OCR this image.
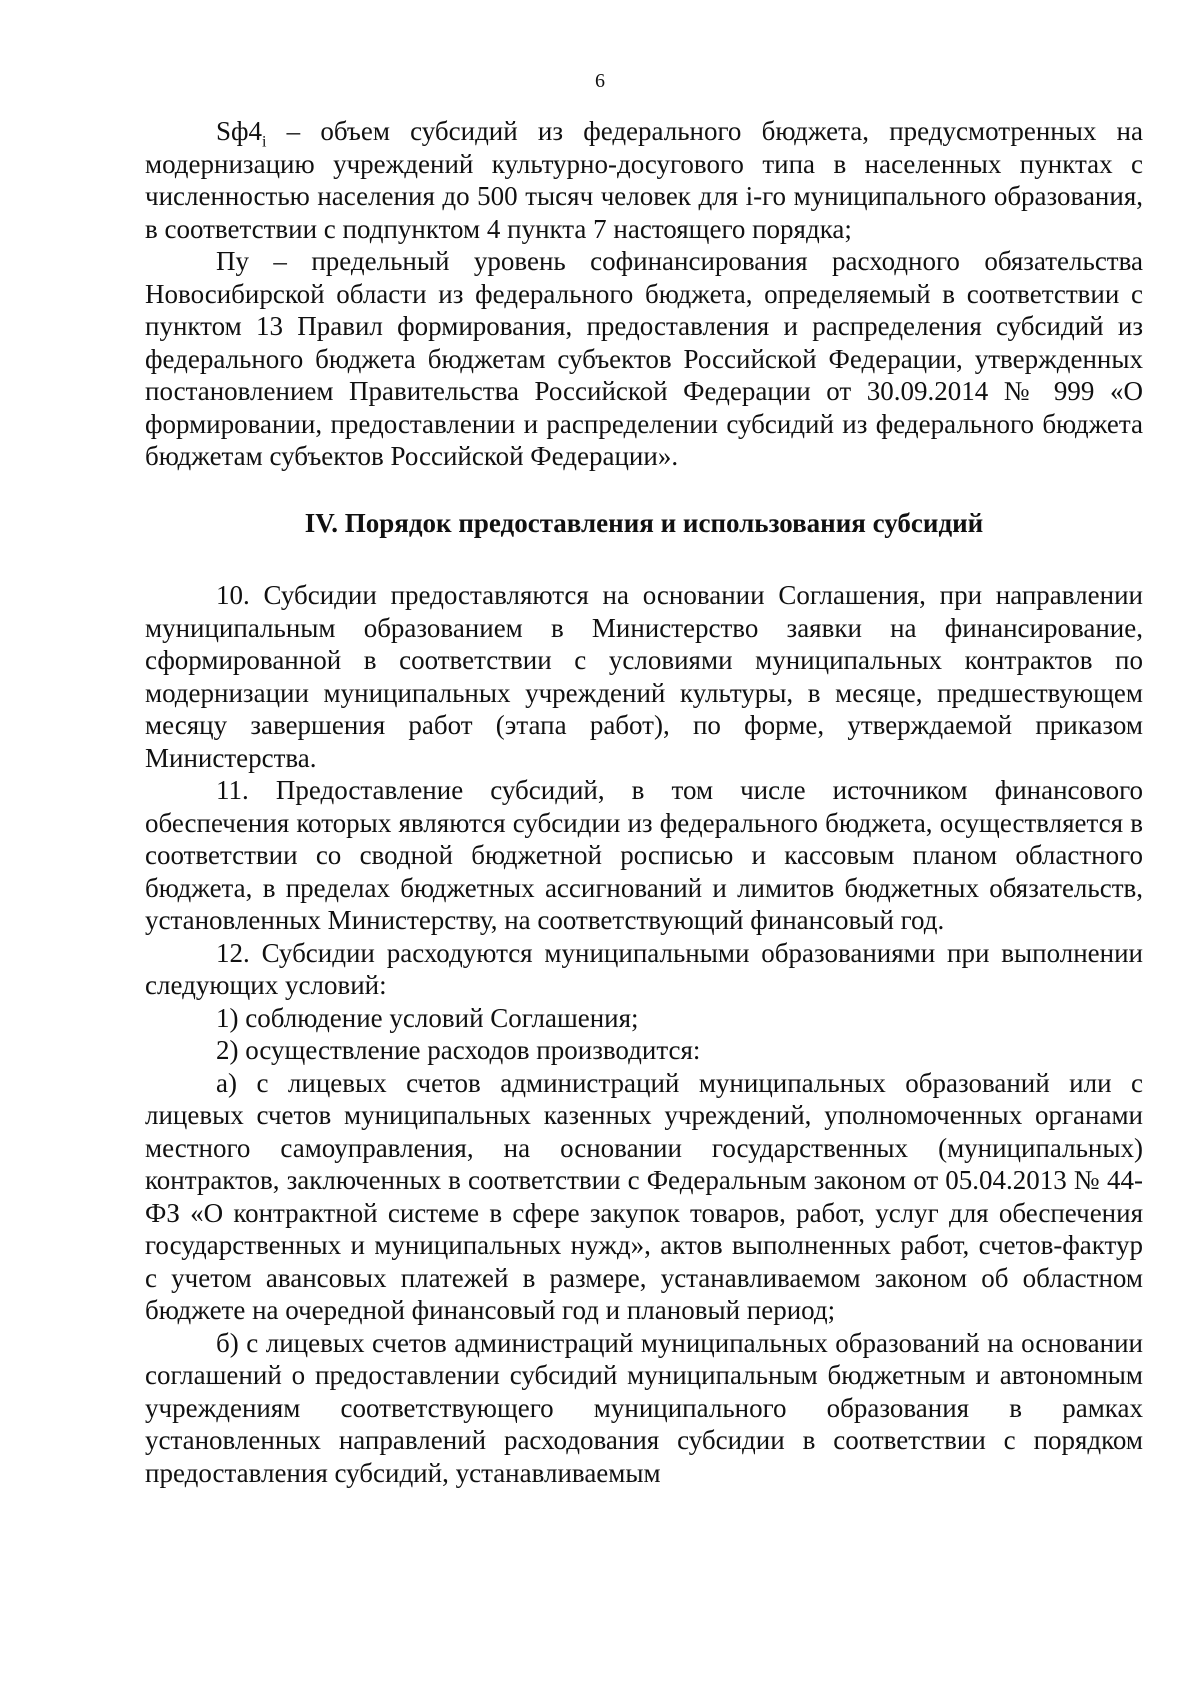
6

$Sф4_i$ – объем субсидий из федерального бюджета, предусмотренных на модернизацию учреждений культурно-досугового типа в населенных пунктах с численностью населения до 500 тысяч человек для i-го муниципального образования, в соответствии с подпунктом 4 пункта 7 настоящего порядка;

Пу – предельный уровень софинансирования расходного обязательства Новосибирской области из федерального бюджета, определяемый в соответствии с пунктом 13 Правил формирования, предоставления и распределения субсидий из федерального бюджета бюджетам субъектов Российской Федерации, утвержденных постановлением Правительства Российской Федерации от 30.09.2014 № 999 «О формировании, предоставлении и распределении субсидий из федерального бюджета бюджетам субъектов Российской Федерации».

IV. Порядок предоставления и использования субсидий

10. Субсидии предоставляются на основании Соглашения, при направлении муниципальным образованием в Министерство заявки на финансирование, сформированной в соответствии с условиями муниципальных контрактов по модернизации муниципальных учреждений культуры, в месяце, предшествующем месяцу завершения работ (этапа работ), по форме, утверждаемой приказом Министерства.

11. Предоставление субсидий, в том числе источником финансового обеспечения которых являются субсидии из федерального бюджета, осуществляется в соответствии со сводной бюджетной росписью и кассовым планом областного бюджета, в пределах бюджетных ассигнований и лимитов бюджетных обязательств, установленных Министерству, на соответствующий финансовый год.

12. Субсидии расходуются муниципальными образованиями при выполнении следующих условий:

1) соблюдение условий Соглашения;

2) осуществление расходов производится:

а) с лицевых счетов администраций муниципальных образований или с лицевых счетов муниципальных казенных учреждений, уполномоченных органами местного самоуправления, на основании государственных (муниципальных) контрактов, заключенных в соответствии с Федеральным законом от 05.04.2013 № 44-ФЗ «О контрактной системе в сфере закупок товаров, работ, услуг для обеспечения государственных и муниципальных нужд», актов выполненных работ, счетов-фактур с учетом авансовых платежей в размере, устанавливаемом законом об областном бюджете на очередной финансовый год и плановый период;

б) с лицевых счетов администраций муниципальных образований на основании соглашений о предоставлении субсидий муниципальным бюджетным и автономным учреждениям соответствующего муниципального образования в рамках установленных направлений расходования субсидии в соответствии с порядком предоставления субсидий, устанавливаемым
